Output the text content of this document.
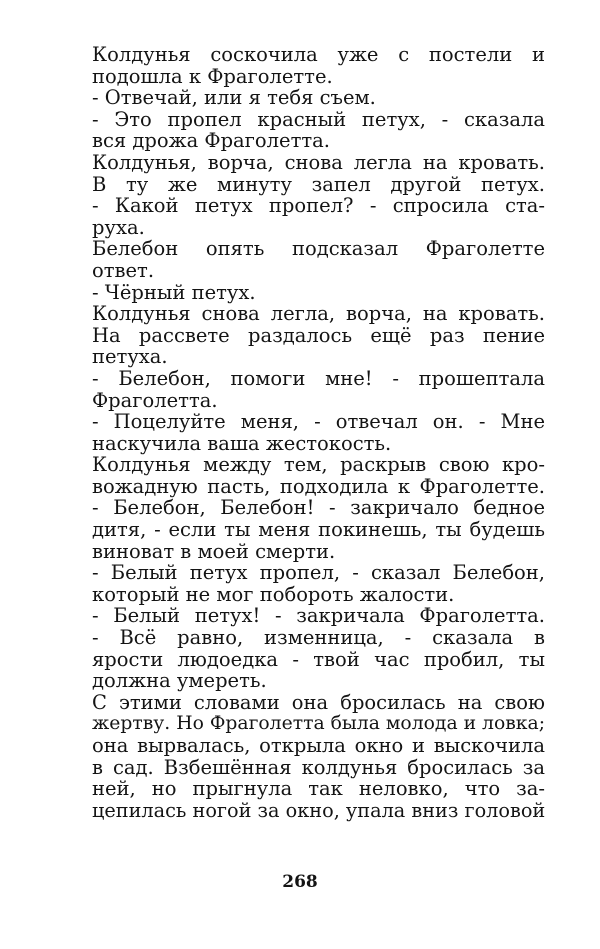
Колдунья соскочила уже с постели и
подошла к Фраголетте.
- Отвечай, или я тебя съем.
- Это пропел красный петух, - сказала
вся дрожа Фраголетта.
Колдунья, ворча, снова легла на кровать.
В ту же минуту запел другой петух.
- Какой петух пропел? - спросила ста-
руха.
Белебон опять подсказал Фраголетте
ответ.
- Чёрный петух.
Колдунья снова легла, ворча, на кровать.
На рассвете раздалось ещё раз пение
петуха.
- Белебон, помоги мне! - прошептала
Фраголетта.
- Поцелуйте меня, - отвечал он. - Мне
наскучила ваша жестокость.
Колдунья между тем, раскрыв свою кро-
вожадную пасть, подходила к Фраголетте.
- Белебон, Белебон! - закричало бедное
дитя, - если ты меня покинешь, ты будешь
виноват в моей смерти.
- Белый петух пропел, - сказал Белебон,
который не мог побороть жалости.
- Белый петух! - закричала Фраголетта.
- Всё равно, изменница, - сказала в
ярости людоедка - твой час пробил, ты
должна умереть.
С этими словами она бросилась на свою
жертву. Но Фраголетта была молода и ловка;
она вырвалась, открыла окно и выскочила
в сад. Взбешённая колдунья бросилась за
ней, но прыгнула так неловко, что за-
цепилась ногой за окно, упала вниз головой
268
